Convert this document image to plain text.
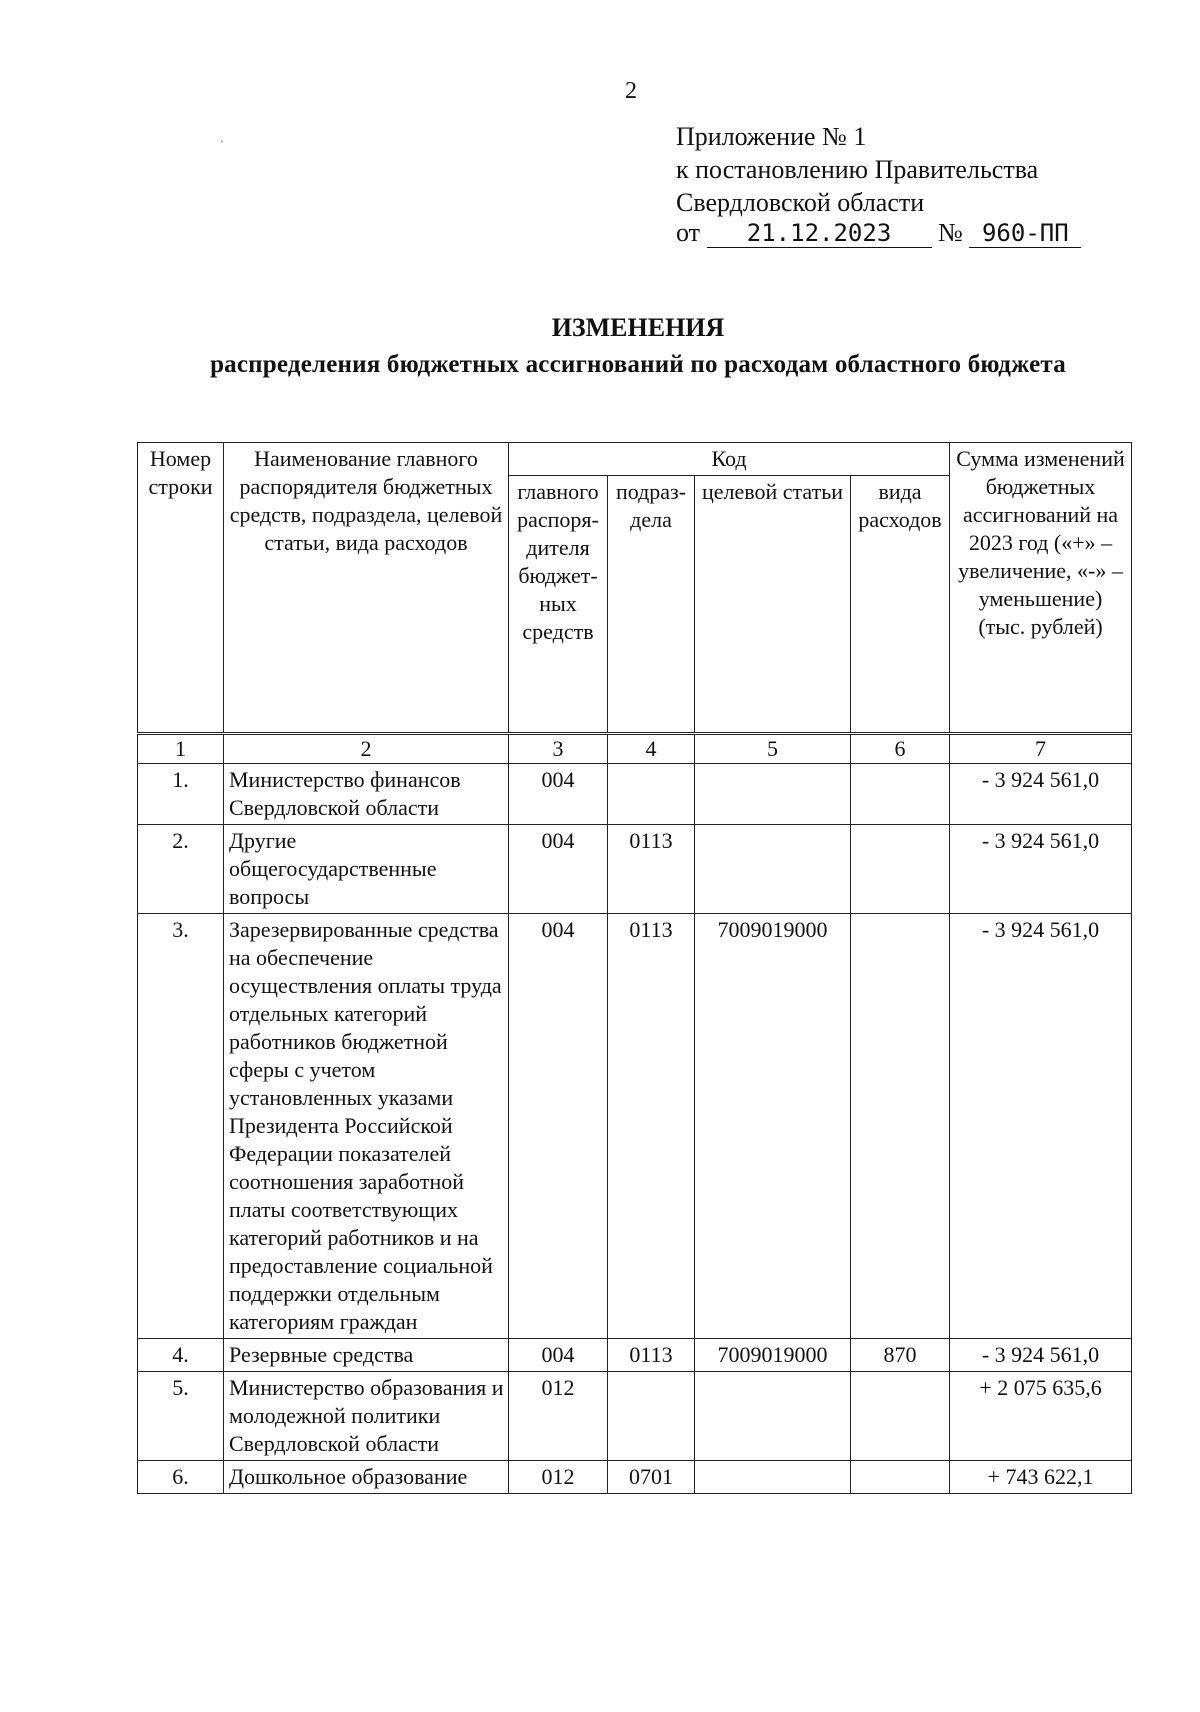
2
ˋ	Приложение № 1
к постановлению Правительства
Свердловской области
от 21.12.2023 № 960-ПП
ИЗМЕНЕНИЯ
распределения бюджетных ассигнований по расходам областного бюджета
Номер строки	Наименование главного распорядителя бюджетных средств, подраздела, целевой статьи, вида расходов	Код				Сумма изменений бюджетных ассигнований на 2023 год («+» – увеличение, «-» – уменьшение) (тыс. рублей)
		главного распоря-дителя бюджет-ных средств	подраз-дела	целевой статьи	вида расходов	
1	2	3	4	5	6	7
1.	Министерство финансов Свердловской области	004				- 3 924 561,0
2.	Другие общегосударственные вопросы	004	0113			- 3 924 561,0
3.	Зарезервированные средства на обеспечение осуществления оплаты труда отдельных категорий работников бюджетной сферы с учетом установленных указами Президента Российской Федерации показателей соотношения заработной платы соответствующих категорий работников и на предоставление социальной поддержки отдельным категориям граждан	004	0113	7009019000		- 3 924 561,0
4.	Резервные средства	004	0113	7009019000	870	- 3 924 561,0
5.	Министерство образования и молодежной политики Свердловской области	012				+ 2 075 635,6
6.	Дошкольное образование	012	0701			+ 743 622,1
